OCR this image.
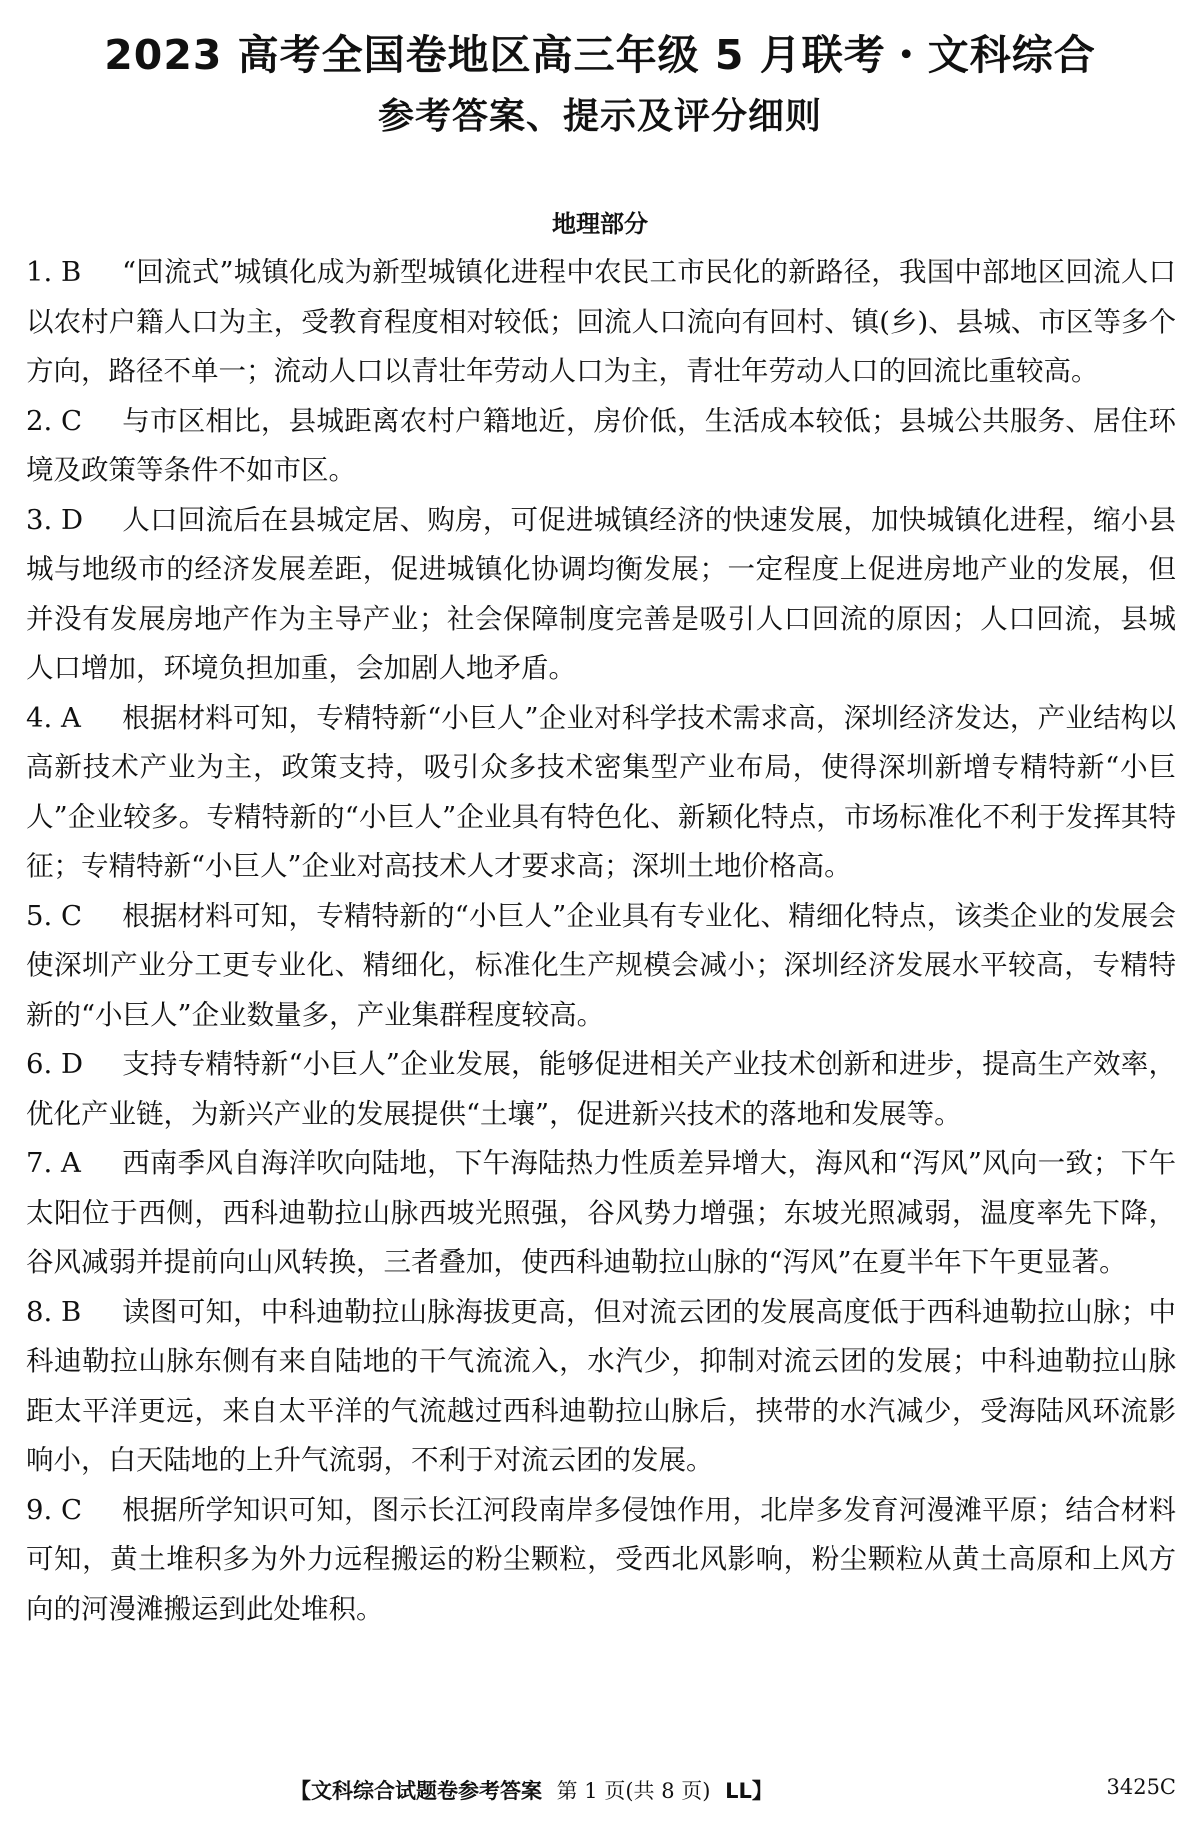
2023 高考全国卷地区高三年级 5 月联考・文科综合
参考答案、提示及评分细则
地理部分

1. B “回流式”城镇化成为新型城镇化进程中农民工市民化的新路径，我国中部地区回流人口以农村户籍人口为主，受教育程度相对较低；回流人口流向有回村、镇(乡)、县城、市区等多个方向，路径不单一；流动人口以青壮年劳动人口为主，青壮年劳动人口的回流比重较高。

2. C 与市区相比，县城距离农村户籍地近，房价低，生活成本较低；县城公共服务、居住环境及政策等条件不如市区。

3. D 人口回流后在县城定居、购房，可促进城镇经济的快速发展，加快城镇化进程，缩小县城与地级市的经济发展差距，促进城镇化协调均衡发展；一定程度上促进房地产业的发展，但并没有发展房地产作为主导产业；社会保障制度完善是吸引人口回流的原因；人口回流，县城人口增加，环境负担加重，会加剧人地矛盾。

4. A 根据材料可知，专精特新“小巨人”企业对科学技术需求高，深圳经济发达，产业结构以高新技术产业为主，政策支持，吸引众多技术密集型产业布局，使得深圳新增专精特新“小巨人”企业较多。专精特新的“小巨人”企业具有特色化、新颖化特点，市场标准化不利于发挥其特征；专精特新“小巨人”企业对高技术人才要求高；深圳土地价格高。

5. C 根据材料可知，专精特新的“小巨人”企业具有专业化、精细化特点，该类企业的发展会使深圳产业分工更专业化、精细化，标准化生产规模会减小；深圳经济发展水平较高，专精特新的“小巨人”企业数量多，产业集群程度较高。

6. D 支持专精特新“小巨人”企业发展，能够促进相关产业技术创新和进步，提高生产效率，优化产业链，为新兴产业的发展提供“土壤”，促进新兴技术的落地和发展等。

7. A 西南季风自海洋吹向陆地，下午海陆热力性质差异增大，海风和“泻风”风向一致；下午太阳位于西侧，西科迪勒拉山脉西坡光照强，谷风势力增强；东坡光照减弱，温度率先下降，谷风减弱并提前向山风转换，三者叠加，使西科迪勒拉山脉的“泻风”在夏半年下午更显著。

8. B 读图可知，中科迪勒拉山脉海拔更高，但对流云团的发展高度低于西科迪勒拉山脉；中科迪勒拉山脉东侧有来自陆地的干气流流入，水汽少，抑制对流云团的发展；中科迪勒拉山脉距太平洋更远，来自太平洋的气流越过西科迪勒拉山脉后，挟带的水汽减少，受海陆风环流影响小，白天陆地的上升气流弱，不利于对流云团的发展。

9. C 根据所学知识可知，图示长江河段南岸多侵蚀作用，北岸多发育河漫滩平原；结合材料可知，黄土堆积多为外力远程搬运的粉尘颗粒，受西北风影响，粉尘颗粒从黄土高原和上风方向的河漫滩搬运到此处堆积。

【文科综合试题卷参考答案 第 1 页(共 8 页) LL】	3425C
